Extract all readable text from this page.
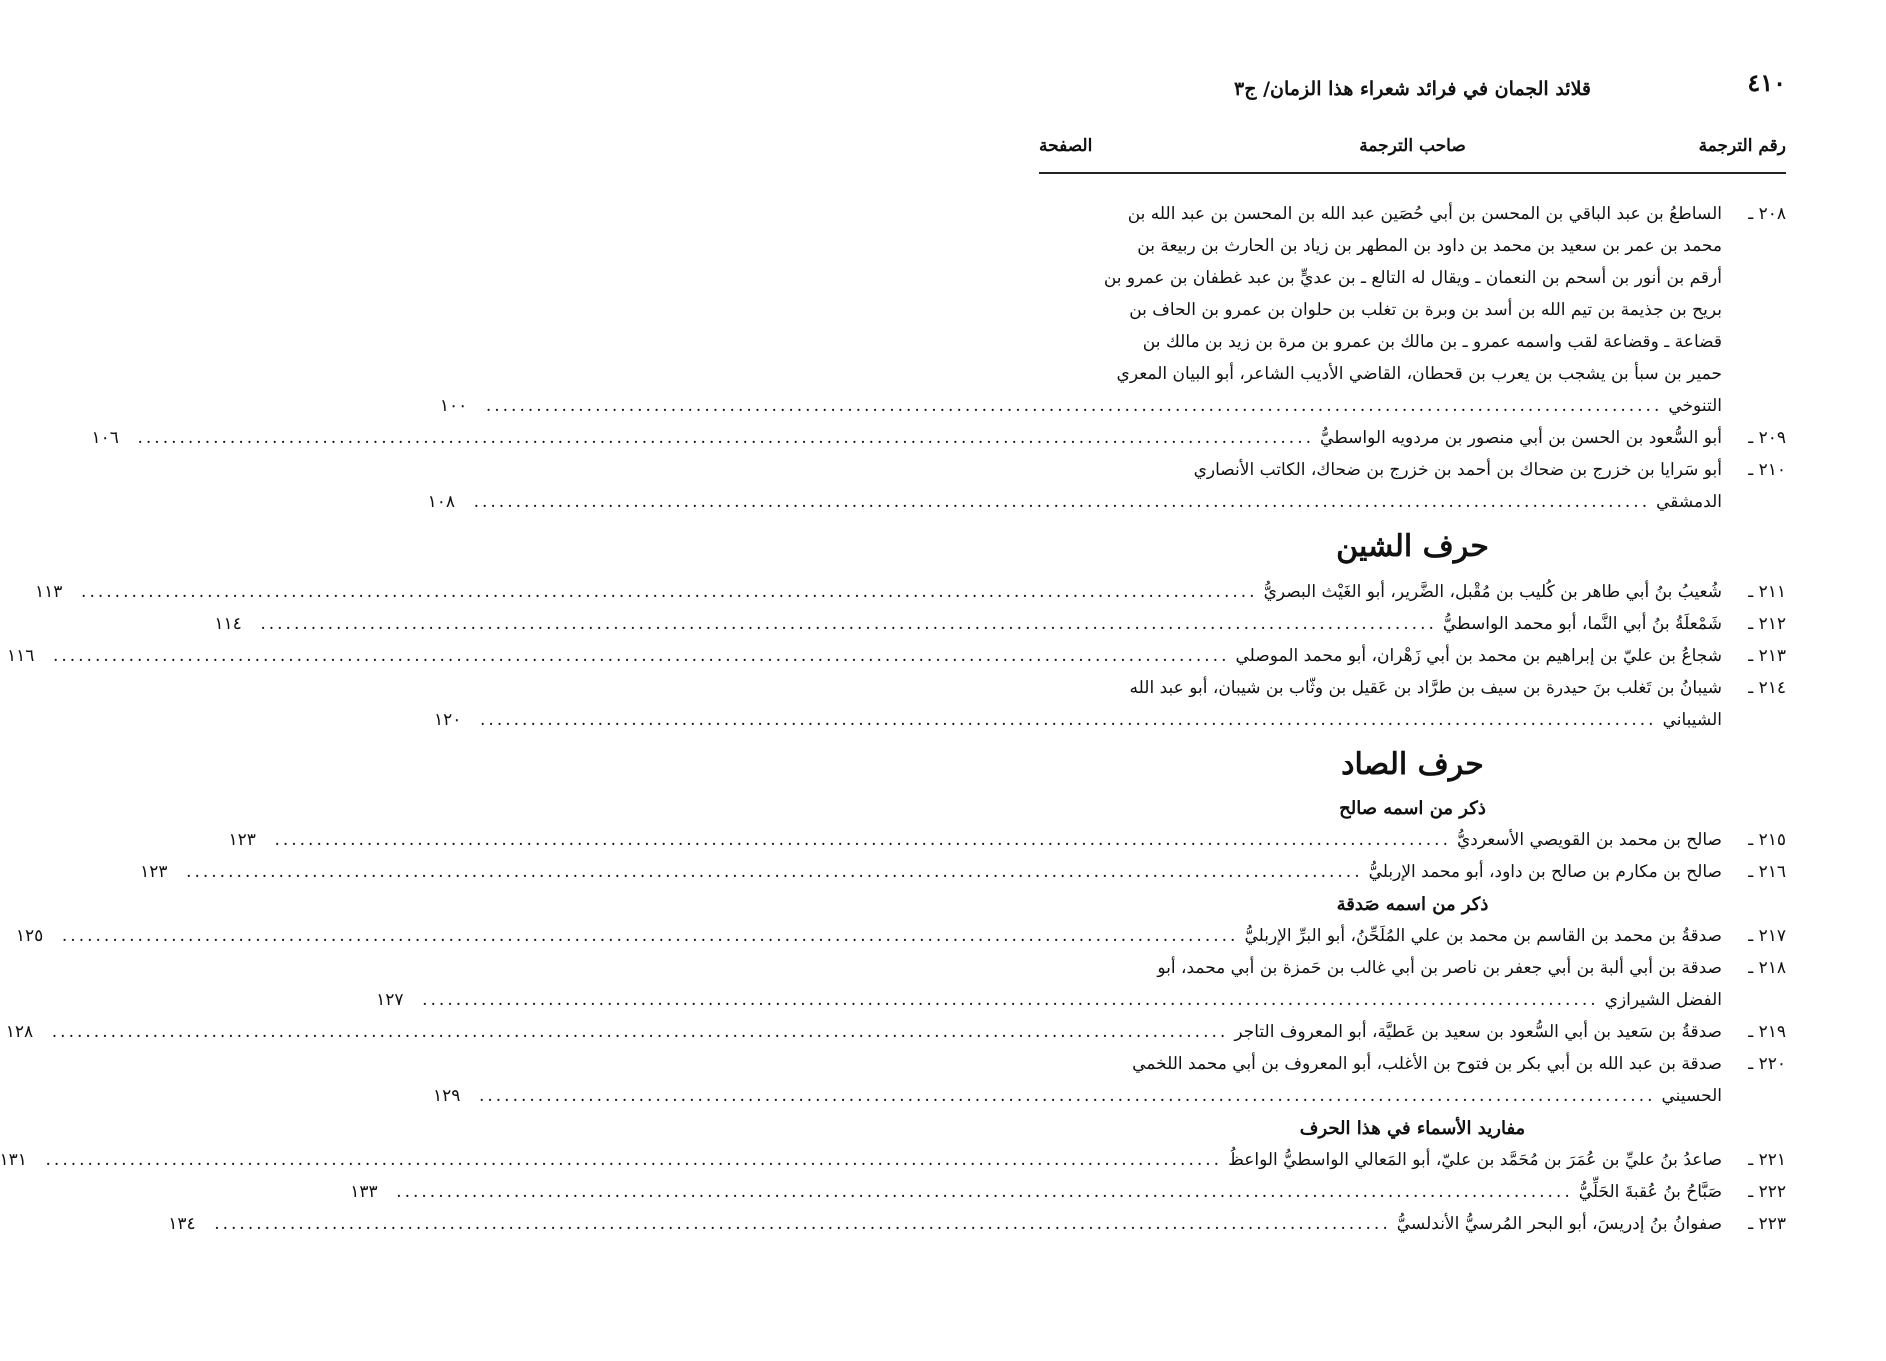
٤١٠
قلائد الجمان في فرائد شعراء هذا الزمان/ ج٣
رقم الترجمة
صاحب الترجمة
الصفحة
٢٠٨ ـ
الساطعُ بن عبد الباقي بن المحسن بن أبي حُصَين عبد الله بن المحسن بن عبد الله بن
محمد بن عمر بن سعيد بن محمد بن داود بن المطهر بن زياد بن الحارث بن ربيعة بن
أرقم بن أنور بن أسحم بن النعمان ـ ويقال له التالع ـ بن عديٍّ بن عبد غطفان بن عمرو بن
بريح بن جذيمة بن تيم الله بن أسد بن وبرة بن تغلب بن حلوان بن عمرو بن الحاف بن
قضاعة ـ وقضاعة لقب واسمه عمرو ـ بن مالك بن عمرو بن مرة بن زيد بن مالك بن
حمير بن سبأ بن يشجب بن يعرب بن قحطان، القاضي الأديب الشاعر، أبو البيان المعري
التنوخي
............................................................................................................................................
١٠٠
٢٠٩ ـ
أبو السُّعود بن الحسن بن أبي منصور بن مردويه الواسطيُّ
............................................................................................................................................
١٠٦
٢١٠ ـ
أبو سَرايا بن خزرج بن ضحاك بن أحمد بن خزرج بن ضحاك، الكاتب الأنصاري
الدمشقي
............................................................................................................................................
١٠٨
حرف الشين
٢١١ ـ
شُعيبُ بنُ أبي طاهر بن كُليب بن مُقْبل، الضَّرير، أبو الغَيْث البصريُّ
............................................................................................................................................
١١٣
٢١٢ ـ
شَمْعلَةُ بنُ أبي النَّما، أبو محمد الواسطيُّ
............................................................................................................................................
١١٤
٢١٣ ـ
شجاعُ بن عليّ بن إبراهيم بن محمد بن أبي زَهْران، أبو محمد الموصلي
............................................................................................................................................
١١٦
٢١٤ ـ
شيبانُ بن تَغلب بنَ حيدرة بن سيف بن طرَّاد بن عَقيل بن وثّاب بن شيبان، أبو عبد الله
الشيباني
............................................................................................................................................
١٢٠
حرف الصاد
ذكر من اسمه صالح
٢١٥ ـ
صالح بن محمد بن القويصي الأسعرديُّ
............................................................................................................................................
١٢٣
٢١٦ ـ
صالح بن مكارم بن صالح بن داود، أبو محمد الإربليُّ
............................................................................................................................................
١٢٣
ذكر من اسمه صَدقة
٢١٧ ـ
صدقةُ بن محمد بن القاسم بن محمد بن علي المُلَحِّنُ، أبو البرِّ الإربليُّ
............................................................................................................................................
١٢٥
٢١٨ ـ
صدقة بن أبي ألبة بن أبي جعفر بن ناصر بن أبي غالب بن حَمزة بن أبي محمد، أبو
الفضل الشيرازي
............................................................................................................................................
١٢٧
٢١٩ ـ
صدقةُ بن سَعيد بن أبي السُّعود بن سعيد بن عَطيَّة، أبو المعروف التاجر
............................................................................................................................................
١٢٨
٢٢٠ ـ
صدقة بن عبد الله بن أبي بكر بن فتوح بن الأغلب، أبو المعروف بن أبي محمد اللخمي
الحسيني
............................................................................................................................................
١٢٩
مفاريد الأسماء في هذا الحرف
٢٢١ ـ
صاعدُ بنُ عليِّ بن عُمَرَ بن مُحَمَّد بن عليّ، أبو المَعالي الواسطيُّ الواعظُ
............................................................................................................................................
١٣١
٢٢٢ ـ
صَبَّاحُ بنُ عُقبةَ الحَلِّيُّ
............................................................................................................................................
١٣٣
٢٢٣ ـ
صفوانُ بنُ إدريسَ، أبو البحر المُرسيُّ الأندلسيُّ
............................................................................................................................................
١٣٤
